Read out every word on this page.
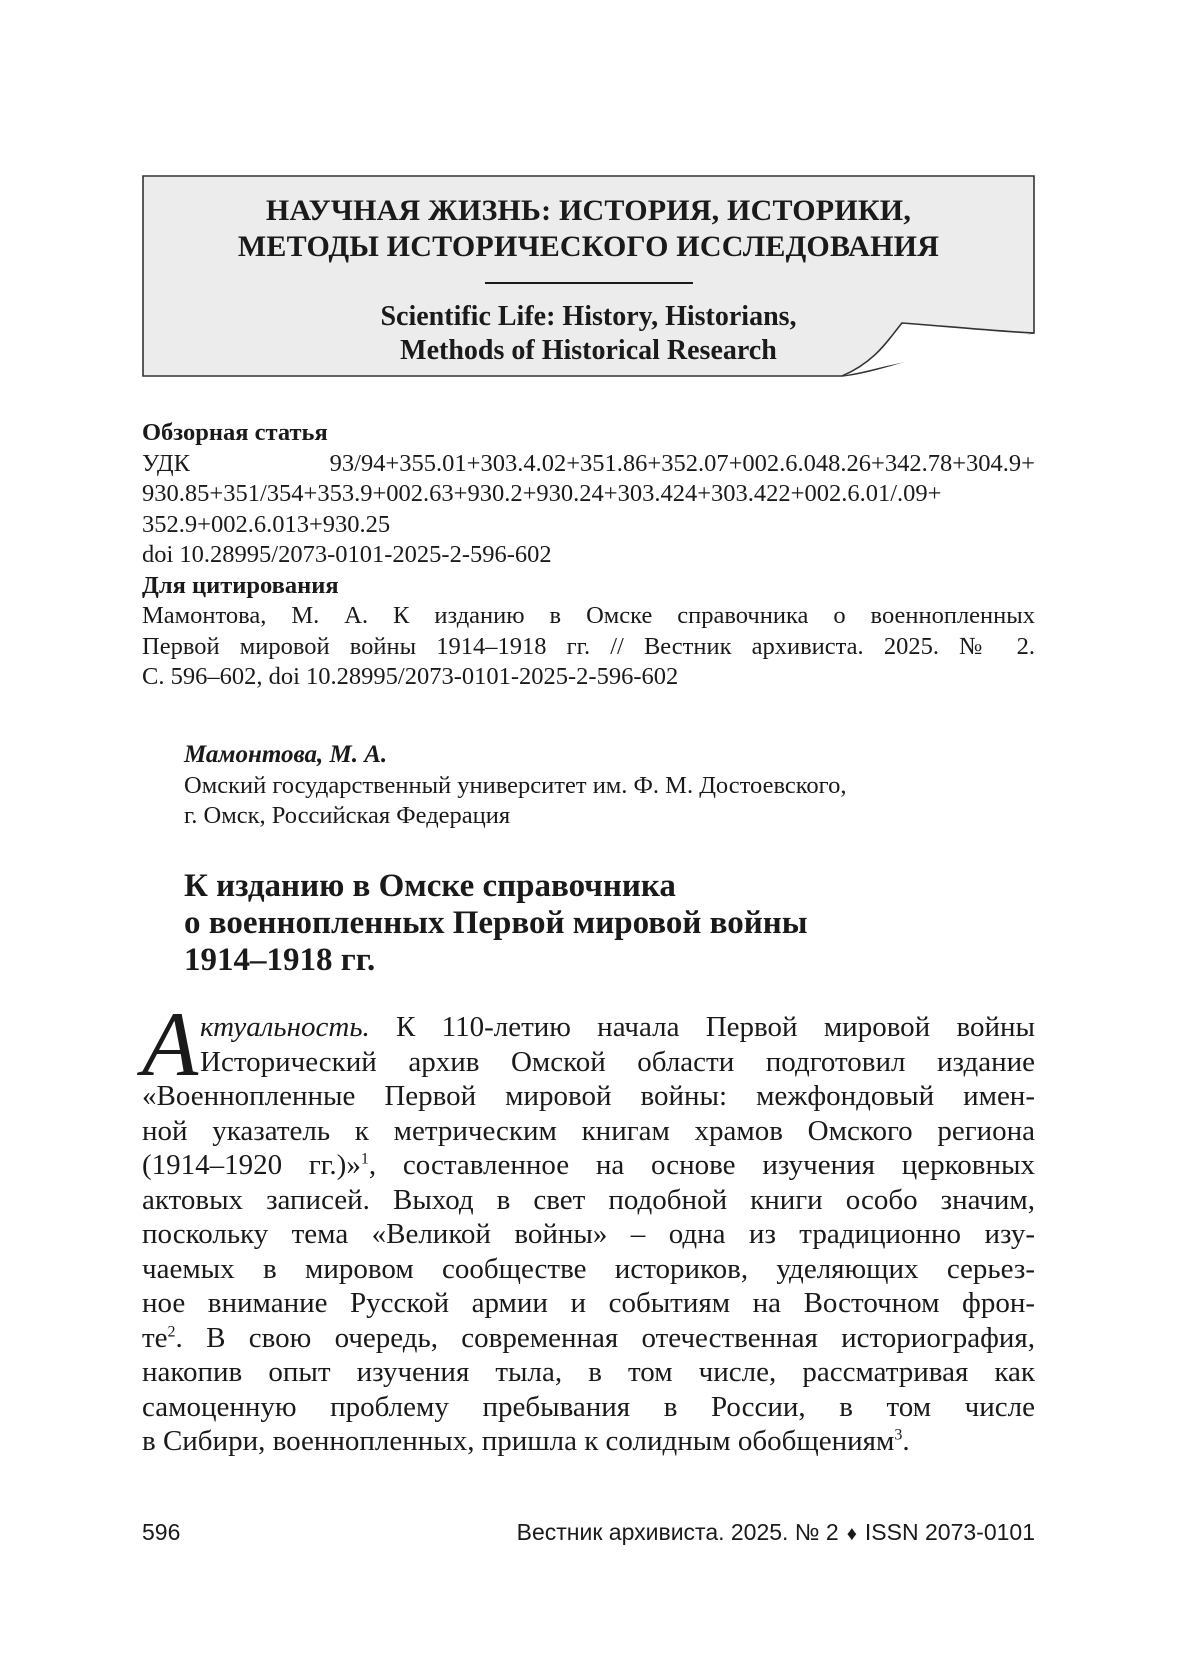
НАУЧНАЯ ЖИЗНЬ: ИСТОРИЯ, ИСТОРИКИ,
МЕТОДЫ ИСТОРИЧЕСКОГО ИССЛЕДОВАНИЯ
Scientific Life: History, Historians,
Methods of Historical Research
Обзорная статья
УДК 93/94+355.01+303.4.02+351.86+352.07+002.6.048.26+342.78+304.9+
930.85+351/354+353.9+002.63+930.2+930.24+303.424+303.422+002.6.01/.09+
352.9+002.6.013+930.25
doi 10.28995/2073-0101-2025-2-596-602
Для цитирования
Мамонтова, М. А. К изданию в Омске справочника о военнопленных
Первой мировой войны 1914–1918 гг. // Вестник архивиста. 2025. № 2.
С. 596–602, doi 10.28995/2073-0101-2025-2-596-602
Мамонтова, М. А.
Омский государственный университет им. Ф. М. Достоевского,
г. Омск, Российская Федерация
К изданию в Омске справочника
о военнопленных Первой мировой войны
1914–1918 гг.
А ктуальность. К 110-летию начала Первой мировой войны
Исторический архив Омской области подготовил издание
«Военнопленные Первой мировой войны: межфондовый имен-
ной указатель к метрическим книгам храмов Омского региона
(1914–1920 гг.)»$^1$, составленное на основе изучения церковных
актовых записей. Выход в свет подобной книги особо значим,
поскольку тема «Великой войны» – одна из традиционно изу-
чаемых в мировом сообществе историков, уделяющих серьез-
ное внимание Русской армии и событиям на Восточном фрон-
$те^2$. В свою очередь, современная отечественная историография,
накопив опыт изучения тыла, в том числе, рассматривая как
самоценную проблему пребывания в России, в том числе
в Сибири, военнопленных, пришла к солидным обобщениям$^3$.
596	Вестник архивиста. 2025. № 2 ♦ ISSN 2073-0101
